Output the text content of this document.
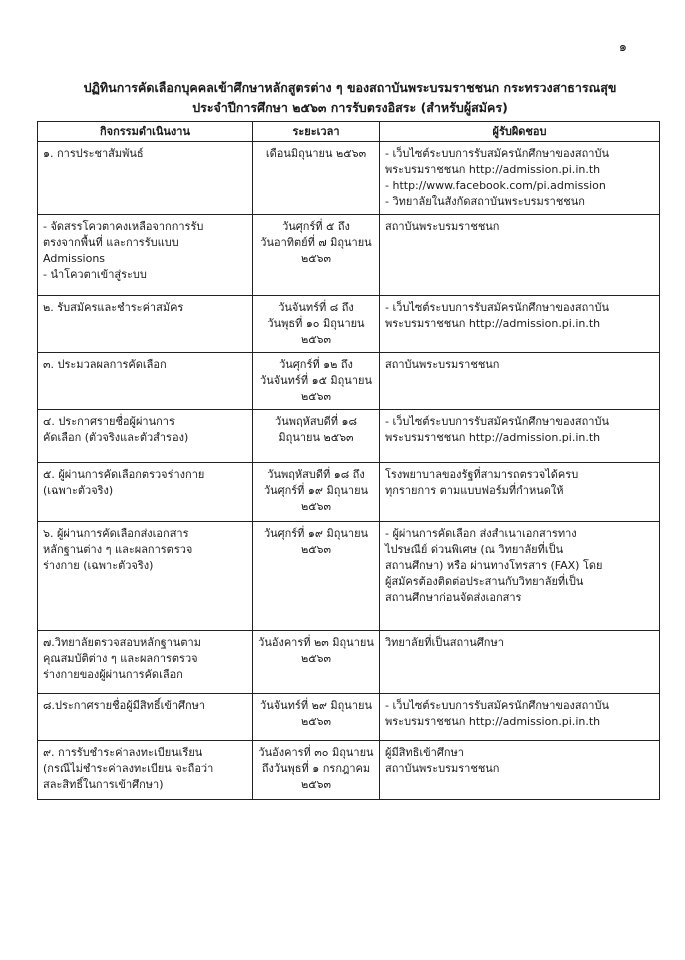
๑
ปฏิทินการคัดเลือกบุคคลเข้าศึกษาหลักสูตรต่าง ๆ ของสถาบันพระบรมราชชนก กระทรวงสาธารณสุข
ประจำปีการศึกษา ๒๕๖๓ การรับตรงอิสระ (สำหรับผู้สมัคร)
กิจกรรมดำเนินงาน	ระยะเวลา	ผู้รับผิดชอบ

๑. การประชาสัมพันธ์	เดือนมิถุนายน ๒๕๖๓	- เว็บไซต์ระบบการรับสมัครนักศึกษาของสถาบัน
พระบรมราชชนก http://admission.pi.in.th
- http://www.facebook.com/pi.admission
- วิทยาลัยในสังกัดสถาบันพระบรมราชชนก

- จัดสรรโควตาคงเหลือจากการรับ
ตรงจากพื้นที่ และการรับแบบ
Admissions
- นำโควตาเข้าสู่ระบบ	วันศุกร์ที่ ๕ ถึง
วันอาทิตย์ที่ ๗ มิถุนายน
๒๕๖๓	สถาบันพระบรมราชชนก

๒. รับสมัครและชำระค่าสมัคร	วันจันทร์ที่ ๘ ถึง
วันพุธที่ ๑๐ มิถุนายน
๒๕๖๓	- เว็บไซต์ระบบการรับสมัครนักศึกษาของสถาบัน
พระบรมราชชนก http://admission.pi.in.th

๓. ประมวลผลการคัดเลือก	วันศุกร์ที่ ๑๒ ถึง
วันจันทร์ที่ ๑๕ มิถุนายน
๒๕๖๓	สถาบันพระบรมราชชนก

๔. ประกาศรายชื่อผู้ผ่านการ
คัดเลือก (ตัวจริงและตัวสำรอง)	วันพฤหัสบดีที่ ๑๘
มิถุนายน ๒๕๖๓	- เว็บไซต์ระบบการรับสมัครนักศึกษาของสถาบัน
พระบรมราชชนก http://admission.pi.in.th

๕. ผู้ผ่านการคัดเลือกตรวจร่างกาย
(เฉพาะตัวจริง)	วันพฤหัสบดีที่ ๑๘ ถึง
วันศุกร์ที่ ๑๙ มิถุนายน
๒๕๖๓	โรงพยาบาลของรัฐที่สามารถตรวจได้ครบ
ทุกรายการ ตามแบบฟอร์มที่กำหนดให้

๖. ผู้ผ่านการคัดเลือกส่งเอกสาร
หลักฐานต่าง ๆ และผลการตรวจ
ร่างกาย (เฉพาะตัวจริง)	วันศุกร์ที่ ๑๙ มิถุนายน
๒๕๖๓	- ผู้ผ่านการคัดเลือก ส่งสำเนาเอกสารทาง
ไปรษณีย์ ด่วนพิเศษ (ณ วิทยาลัยที่เป็น
สถานศึกษา) หรือ ผ่านทางโทรสาร (FAX) โดย
ผู้สมัครต้องติดต่อประสานกับวิทยาลัยที่เป็น
สถานศึกษาก่อนจัดส่งเอกสาร

๗.วิทยาลัยตรวจสอบหลักฐานตาม
คุณสมบัติต่าง ๆ และผลการตรวจ
ร่างกายของผู้ผ่านการคัดเลือก	วันอังคารที่ ๒๓ มิถุนายน
๒๕๖๓	วิทยาลัยที่เป็นสถานศึกษา

๘.ประกาศรายชื่อผู้มีสิทธิ์เข้าศึกษา	วันจันทร์ที่ ๒๙ มิถุนายน
๒๕๖๓	- เว็บไซต์ระบบการรับสมัครนักศึกษาของสถาบัน
พระบรมราชชนก http://admission.pi.in.th

๙. การรับชำระค่าลงทะเบียนเรียน
(กรณีไม่ชำระค่าลงทะเบียน จะถือว่า
สละสิทธิ์ในการเข้าศึกษา)	วันอังคารที่ ๓๐ มิถุนายน
ถึงวันพุธที่ ๑ กรกฎาคม
๒๕๖๓	ผู้มีสิทธิเข้าศึกษา
สถาบันพระบรมราชชนก
